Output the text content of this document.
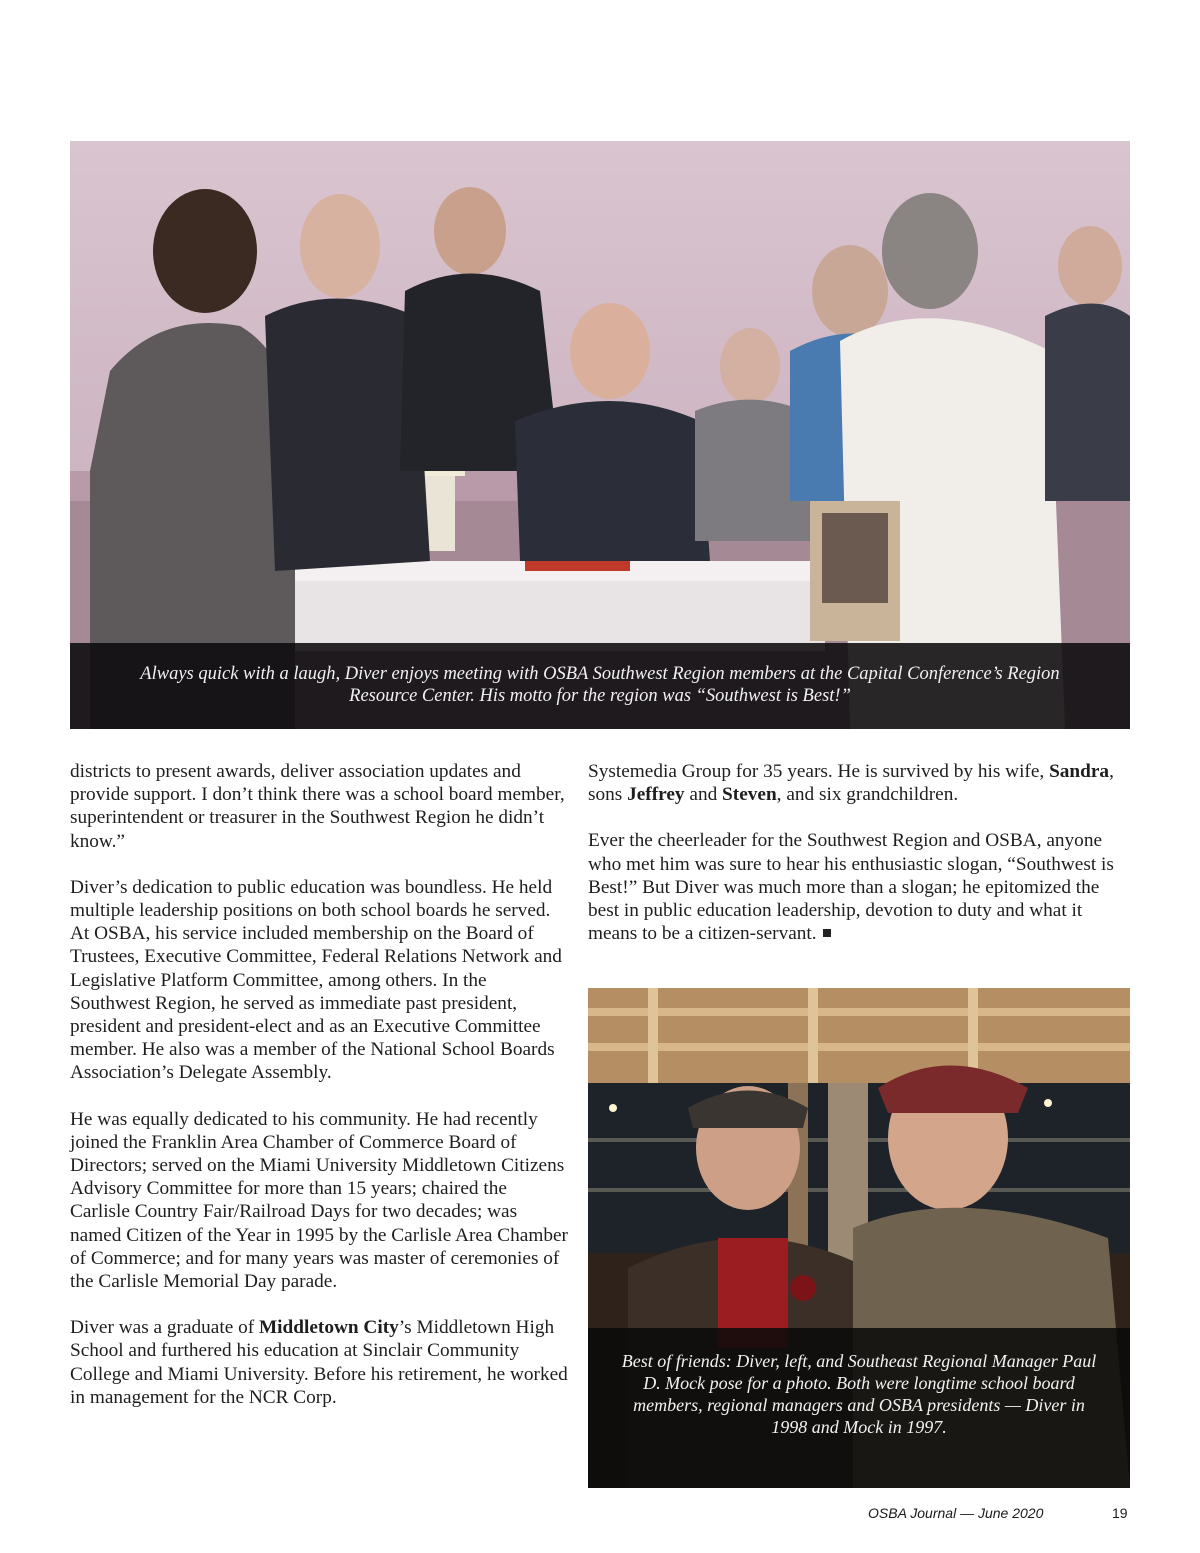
Always quick with a laugh, Diver enjoys meeting with OSBA Southwest Region members at the Capital Conference’s Region Resource Center. His motto for the region was “Southwest is Best!”

districts to present awards, deliver association updates and provide support. I don’t think there was a school board member, superintendent or treasurer in the Southwest Region he didn’t know.”

Diver’s dedication to public education was boundless. He held multiple leadership positions on both school boards he served. At OSBA, his service included membership on the Board of Trustees, Executive Committee, Federal Relations Network and Legislative Platform Committee, among others. In the Southwest Region, he served as immediate past president, president and president-elect and as an Executive Committee member. He also was a member of the National School Boards Association’s Delegate Assembly.

He was equally dedicated to his community. He had recently joined the Franklin Area Chamber of Commerce Board of Directors; served on the Miami University Middletown Citizens Advisory Committee for more than 15 years; chaired the Carlisle Country Fair/Railroad Days for two decades; was named Citizen of the Year in 1995 by the Carlisle Area Chamber of Commerce; and for many years was master of ceremonies of the Carlisle Memorial Day parade.

Diver was a graduate of Middletown City’s Middletown High School and furthered his education at Sinclair Community College and Miami University. Before his retirement, he worked in management for the NCR Corp.

Systemedia Group for 35 years. He is survived by his wife, Sandra, sons Jeffrey and Steven, and six grandchildren.

Ever the cheerleader for the Southwest Region and OSBA, anyone who met him was sure to hear his enthusiastic slogan, “Southwest is Best!” But Diver was much more than a slogan; he epitomized the best in public education leadership, devotion to duty and what it means to be a citizen-servant.

Best of friends: Diver, left, and Southeast Regional Manager Paul D. Mock pose for a photo. Both were longtime school board members, regional managers and OSBA presidents — Diver in 1998 and Mock in 1997.
OSBA Journal — June 2020	19
